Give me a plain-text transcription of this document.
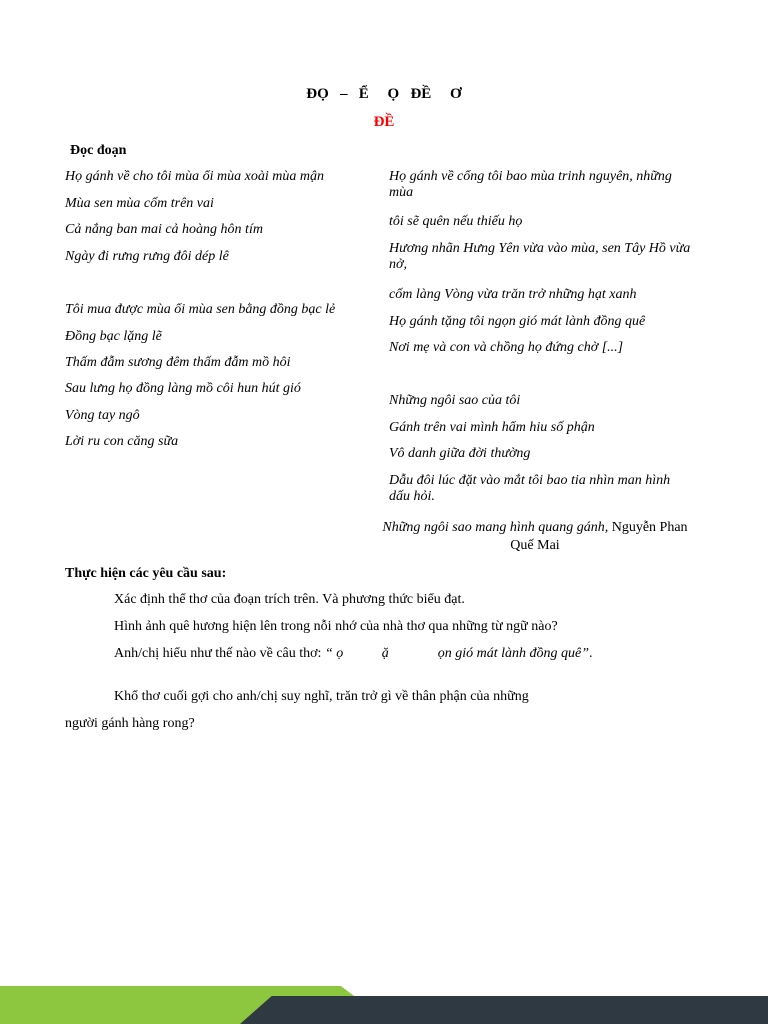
ĐỌ   –   Ể     Ọ   ĐỀ     Ơ
ĐỀ
Đọc đoạn
Họ gánh về cho tôi mùa ổi mùa xoài mùa mận
Mùa sen mùa cốm trên vai
Cả nắng ban mai cả hoàng hôn tím
Ngày đi rưng rưng đôi dép lê
Tôi mua được mùa ổi mùa sen bằng đồng bạc lẻ
Đồng bạc lặng lẽ
Thấm đẫm sương đêm thấm đẫm mồ hôi
Sau lưng họ đồng làng mồ côi hun hút gió
Vòng tay ngô
Lời ru con căng sữa
Họ gánh về cổng tôi bao mùa trinh nguyên, những mùa
tôi sẽ quên nếu thiếu họ
Hương nhãn Hưng Yên vừa vào mùa, sen Tây Hồ vừa nở,
cốm làng Vòng vừa trăn trở những hạt xanh
Họ gánh tặng tôi ngọn gió mát lành đồng quê
Nơi mẹ và con và chồng họ đứng chờ [...]
Những ngôi sao của tôi
Gánh trên vai mình hẩm hiu số phận
Vô danh giữa đời thường
Dẫu đôi lúc đặt vào mắt tôi bao tia nhìn man hình dấu hỏi.
Những ngôi sao mang hình quang gánh, Nguyễn Phan
Quế Mai
Thực hiện các yêu cầu sau:
Xác định thể thơ của đoạn trích trên. Và phương thức biểu đạt.
Hình ảnh quê hương hiện lên trong nỗi nhớ của nhà thơ qua những từ ngữ nào?
Anh/chị hiểu như thế nào về câu thơ: “ ọ           ặ              ọn gió mát lành đồng quê”.
Khổ thơ cuối gợi cho anh/chị suy nghĩ, trăn trở gì về thân phận của những
người gánh hàng rong?
